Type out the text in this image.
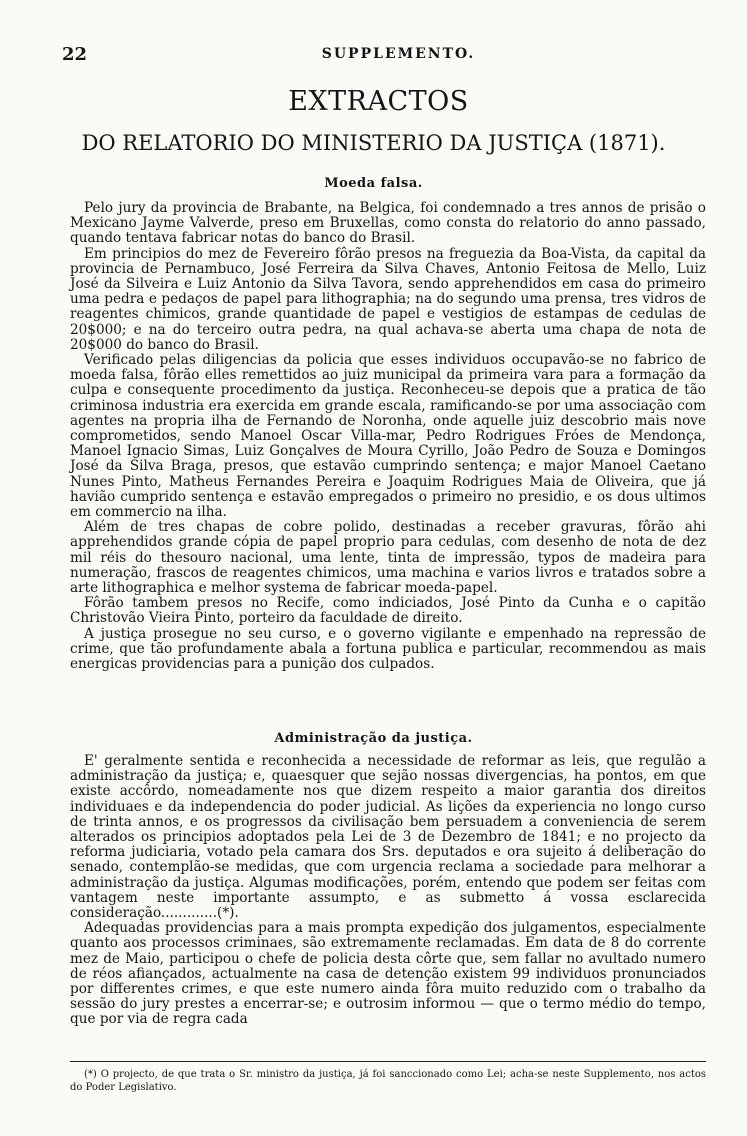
22	SUPPLEMENTO.
EXTRACTOS
DO RELATORIO DO MINISTERIO DA JUSTIÇA (1871).
Moeda falsa.

Pelo jury da provincia de Brabante, na Belgica, foi condemnado a tres annos de prisão o Mexicano Jayme Valverde, preso em Bruxellas, como consta do relatorio do anno passado, quando tentava fabricar notas do banco do Brasil.

Em principios do mez de Fevereiro fôrão presos na freguezia da Boa-Vista, da capital da provincia de Pernambuco, José Ferreira da Silva Chaves, Antonio Feitosa de Mello, Luiz José da Silveira e Luiz Antonio da Silva Tavora, sendo apprehendidos em casa do primeiro uma pedra e pedaços de papel para lithographia; na do segundo uma prensa, tres vidros de reagentes chimicos, grande quantidade de papel e vestigios de estampas de cedulas de 20$000; e na do terceiro outra pedra, na qual achava-se aberta uma chapa de nota de 20$000 do banco do Brasil.

Verificado pelas diligencias da policia que esses individuos occupavão-se no fabrico de moeda falsa, fôrão elles remettidos ao juiz municipal da primeira vara para a formação da culpa e consequente procedimento da justiça. Reconheceu-se depois que a pratica de tão criminosa industria era exercida em grande escala, ramificando-se por uma associação com agentes na propria ilha de Fernando de Noronha, onde aquelle juiz descobrio mais nove comprometidos, sendo Manoel Oscar Villa-mar, Pedro Rodrigues Fróes de Mendonça, Manoel Ignacio Simas, Luiz Gonçalves de Moura Cyrillo, João Pedro de Souza e Domingos José da Silva Braga, presos, que estavão cumprindo sentença; e major Manoel Caetano Nunes Pinto, Matheus Fernandes Pereira e Joaquim Rodrigues Maia de Oliveira, que já havião cumprido sentença e estavão empregados o primeiro no presidio, e os dous ultimos em commercio na ilha.

Além de tres chapas de cobre polido, destinadas a receber gravuras, fôrão ahi apprehendidos grande cópia de papel proprio para cedulas, com desenho de nota de dez mil réis do thesouro nacional, uma lente, tinta de impressão, typos de madeira para numeração, frascos de reagentes chimicos, uma machina e varios livros e tratados sobre a arte lithographica e melhor systema de fabricar moeda-papel.

Fôrão tambem presos no Recife, como indiciados, José Pinto da Cunha e o capitão Christovão Vieira Pinto, porteiro da faculdade de direito.

A justiça prosegue no seu curso, e o governo vigilante e empenhado na repressão de crime, que tão profundamente abala a fortuna publica e particular, recommendou as mais energicas providencias para a punição dos culpados.

Administração da justiça.

E' geralmente sentida e reconhecida a necessidade de reformar as leis, que regulão a administração da justiça; e, quaesquer que sejão nossas divergencias, ha pontos, em que existe accôrdo, nomeadamente nos que dizem respeito a maior garantia dos direitos individuaes e da independencia do poder judicial. As lições da experiencia no longo curso de trinta annos, e os progressos da civilisação bem persuadem a conveniencia de serem alterados os principios adoptados pela Lei de 3 de Dezembro de 1841; e no projecto da reforma judiciaria, votado pela camara dos Srs. deputados e ora sujeito á deliberação do senado, contemplão-se medidas, que com urgencia reclama a sociedade para melhorar a administração da justiça. Algumas modificações, porém, entendo que podem ser feitas com vantagem neste importante assumpto, e as submetto á vossa esclarecida consideração.............(*).

Adequadas providencias para a mais prompta expedição dos julgamentos, especialmente quanto aos processos criminaes, são extremamente reclamadas. Em data de 8 do corrente mez de Maio, participou o chefe de policia desta côrte que, sem fallar no avultado numero de réos afiançados, actualmente na casa de detenção existem 99 individuos pronunciados por differentes crimes, e que este numero ainda fôra muito reduzido com o trabalho da sessão do jury prestes a encerrar-se; e outrosim informou — que o termo médio do tempo, que por via de regra cada

(*) O projecto, de que trata o Sr. ministro da justiça, já foi sanccionado como Lei; acha-se neste Supplemento, nos actos do Poder Legislativo.
